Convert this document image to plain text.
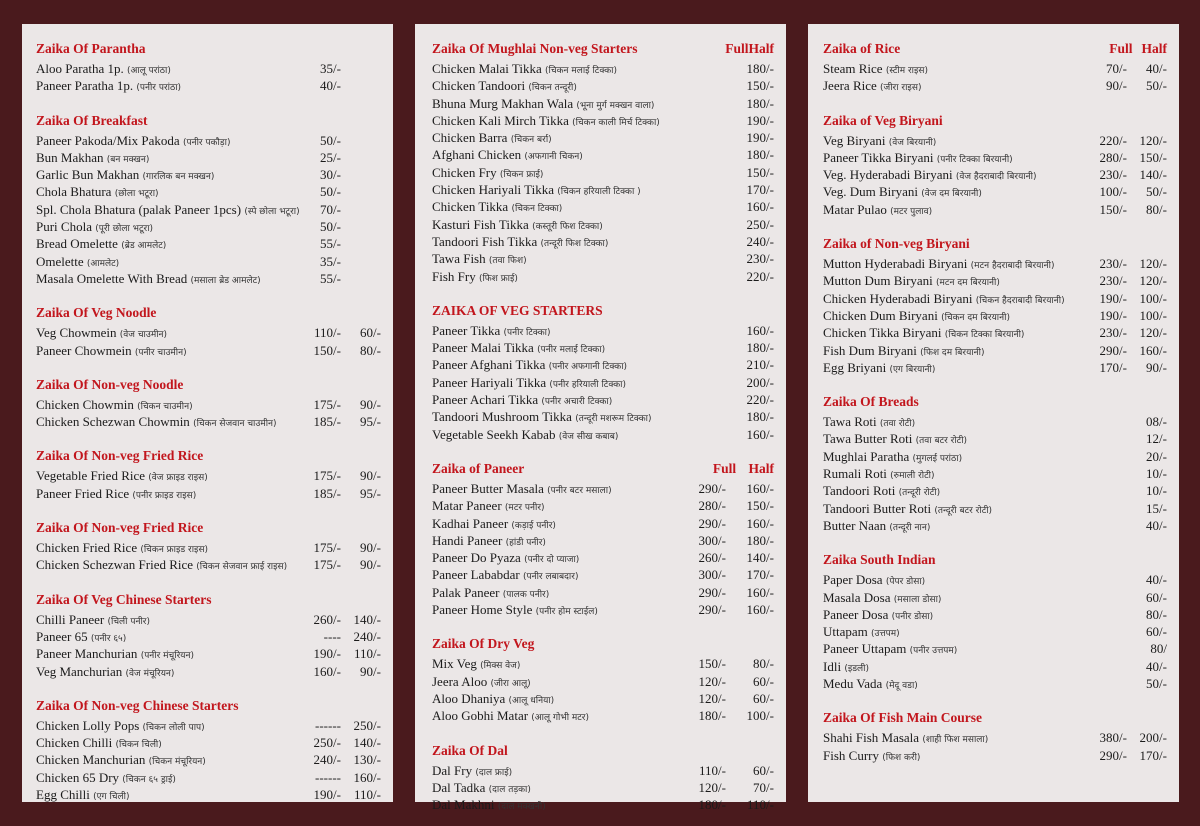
Zaika Of Parantha
Aloo Paratha 1p. (आलू परांठा)	35/-
Paneer Paratha 1p. (पनीर परांठा)	40/-
Zaika Of Breakfast
Paneer Pakoda/Mix Pakoda (पनीर पकौड़ा)	50/-
Bun Makhan (बन मक्खन)	25/-
Garlic Bun Makhan (गारलिक बन मक्खन)	30/-
Chola Bhatura (छोला भटूरा)	50/-
Spl. Chola Bhatura (palak Paneer 1pcs) (स्पे छोला भटूरा)	70/-
Puri Chola (पूरी छोला भटूरा)	50/-
Bread Omelette (ब्रेड आमलेट)	55/-
Omelette (आमलेट)	35/-
Masala Omelette With Bread (मसाला ब्रेड आमलेट)	55/-
Zaika Of Veg Noodle
Veg Chowmein (वेज चाउमीन)	110/-	60/-
Paneer Chowmein (पनीर चाउमीन)	150/-	80/-
Zaika Of Non-veg Noodle
Chicken Chowmin (चिकन चाउमीन)	175/-	90/-
Chicken Schezwan Chowmin (चिकन सेजवान चाउमीन)	185/-	95/-
Zaika Of Non-veg Fried Rice
Vegetable Fried Rice (वेज फ्राइड राइस)	175/-	90/-
Paneer Fried Rice (पनीर फ्राइड राइस)	185/-	95/-
Zaika Of Non-veg Fried Rice
Chicken Fried Rice (चिकन फ्राइड राइस)	175/-	90/-
Chicken Schezwan Fried Rice (चिकन सेजवान फ्राई राइस)	175/-	90/-
Zaika Of Veg Chinese Starters
Chilli Paneer (चिली पनीर)	260/- 140/-
Paneer 65 (पनीर ६५)	---- 240/-
Paneer Manchurian (पनीर मंचूरियन)	190/-	110/-
Veg Manchurian (वेज मंचूरियन)	160/-	90/-
Zaika Of Non-veg Chinese Starters
Chicken Lolly Pops (चिकन लोली पाप)	------ 250/-
Chicken Chilli (चिकन चिली)	250/- 140/-
Chicken Manchurian (चिकन मंचूरियन)	240/- 130/-
Chicken 65 Dry (चिकन ६५ ड्राई)	------ 160/-
Egg Chilli (एग चिली)	190/-	110/-
Zaika Of Mughlai Non-veg Starters	Full Half
Chicken Malai Tikka (चिकन मलाई टिक्का)	180/-
Chicken Tandoori (चिकन तन्दूरी)	150/-
Bhuna Murg Makhan Wala (भूना मुर्ग मक्खन वाला)	180/-
Chicken Kali Mirch Tikka (चिकन काली मिर्च टिक्का)	190/-
Chicken Barra (चिकन बर्रा)	190/-
Afghani Chicken (अफगानी चिकन)	180/-
Chicken Fry (चिकन फ्राई)	150/-
Chicken Hariyali Tikka (चिकन हरियाली टिक्का )	170/-
Chicken Tikka (चिकन टिक्का)	160/-
Kasturi Fish Tikka (कस्तूरी फिश टिक्का)	250/-
Tandoori Fish Tikka (तन्दूरी फिश टिक्का)	240/-
Tawa Fish (तवा फिश)	230/-
Fish Fry (फिश फ्राई)	220/-
ZAIKA OF VEG STARTERS
Paneer Tikka (पनीर टिक्का)	160/-
Paneer Malai Tikka (पनीर मलाई टिक्का)	180/-
Paneer Afghani Tikka (पनीर अफगानी टिक्का)	210/-
Paneer Hariyali Tikka (पनीर हरियाली टिक्का)	200/-
Paneer Achari Tikka (पनीर अचारी टिक्का)	220/-
Tandoori Mushroom Tikka (तन्दूरी मशरूम टिक्का)	180/-
Vegetable Seekh Kabab (वेज सीख कबाब)	160/-
Zaika of Paneer	Full Half
Paneer Butter Masala (पनीर बटर मसाला)	290/-	160/-
Matar Paneer (मटर पनीर)	280/-	150/-
Kadhai Paneer (कड़ाई पनीर)	290/-	160/-
Handi Paneer (हांडी पनीर)	300/-	180/-
Paneer Do Pyaza (पनीर दो प्याजा)	260/-	140/-
Paneer Lababdar (पनीर लबाबदार)	300/-	170/-
Palak Paneer (पालक पनीर)	290/-	160/-
Paneer Home Style (पनीर होम स्टाईल)	290/-	160/-
Zaika Of Dry Veg
Mix Veg (मिक्स वेज)	150/-	80/-
Jeera Aloo (जीरा आलू)	120/-	60/-
Aloo Dhaniya (आलू धनिया)	120/-	60/-
Aloo Gobhi Matar (आलू गोभी मटर)	180/-	100/-
Zaika Of Dal
Dal Fry (दाल फ्राई)	110/-	60/-
Dal Tadka (दाल तड़का)	120/-	70/-
Dal Makhni (दाल मक्खनी)	180/-	110/-
Zaika of Rice	Full Half
Steam Rice (स्टीम राइस)	70/-	40/-
Jeera Rice (जीरा राइस)	90/-	50/-
Zaika of Veg Biryani
Veg Biryani (वेज बिरयानी)	220/- 120/-
Paneer Tikka Biryani (पनीर टिक्का बिरयानी)	280/- 150/-
Veg. Hyderabadi Biryani (वेज हैदराबादी बिरयानी)	230/- 140/-
Veg. Dum Biryani (वेज दम बिरयानी)	100/-	50/-
Matar Pulao (मटर पुलाव)	150/-	80/-
Zaika of Non-veg Biryani
Mutton Hyderabadi Biryani (मटन हैदराबादी बिरयानी)	230/- 120/-
Mutton Dum Biryani (मटन दम बिरयानी)	230/- 120/-
Chicken Hyderabadi Biryani (चिकन हैदराबादी बिरयानी)	190/- 100/-
Chicken Dum Biryani (चिकन दम बिरयानी)	190/- 100/-
Chicken Tikka Biryani (चिकन टिक्का बिरयानी)	230/- 120/-
Fish Dum Biryani (फिश दम बिरयानी)	290/- 160/-
Egg Briyani (एग बिरयानी)	170/-	90/-
Zaika Of Breads
Tawa Roti (तवा रोटी)	08/-
Tawa Butter Roti (तवा बटर रोटी)	12/-
Mughlai Paratha (मुगलई परांठा)	20/-
Rumali Roti (रुमाली रोटी)	10/-
Tandoori Roti (तन्दूरी रोटी)	10/-
Tandoori Butter Roti (तन्दूरी बटर रोटी)	15/-
Butter Naan (तन्दूरी नान)	40/-
Zaika South Indian
Paper Dosa (पेपर डोसा)	40/-
Masala Dosa (मसाला डोसा)	60/-
Paneer Dosa (पनीर डोसा)	80/-
Uttapam (उत्तपम)	60/-
Paneer Uttapam (पनीर उत्तपम)	80/
Idli (इडली)	40/-
Medu Vada (मेदू वडा)	50/-
Zaika Of Fish Main Course
Shahi Fish Masala (शाही फिश मसाला)	380/- 200/-
Fish Curry (फिश करी)	290/- 170/-
